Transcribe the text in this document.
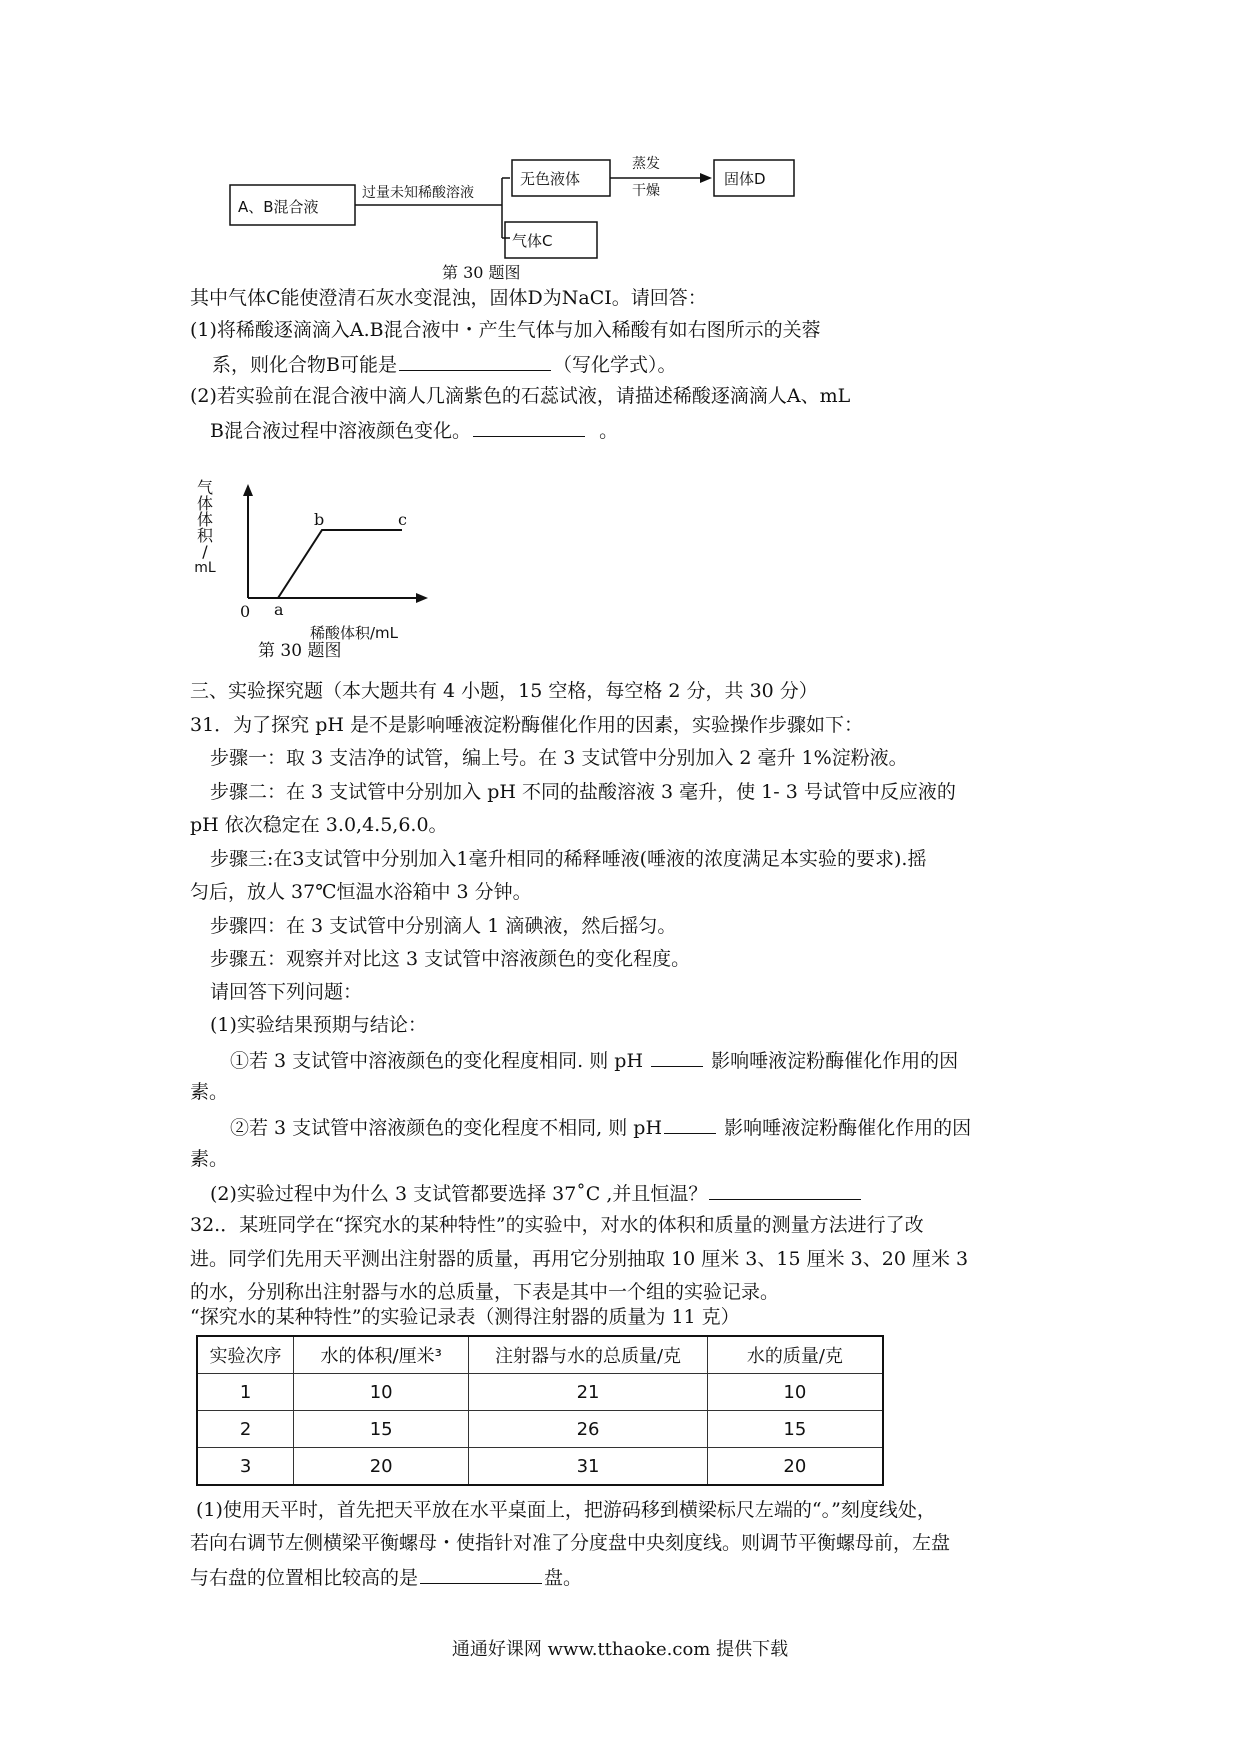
A、B混合液
过量未知稀酸溶液
无色液体
气体C
蒸发
干燥
固体D
第 30 题图
其中气体C能使澄清石灰水变混浊，固体D为NaCI。请回答：
(1)将稀酸逐滴滴入A.B混合液中・产生气体与加入稀酸有如右图所示的关蓉
系，则化合物B可能是	（写化学式）。
(2)若实验前在混合液中滴人几滴紫色的石蕊试液，请描述稀酸逐滴滴人A、mL
B混合液过程中溶液颜色变化。	。
气
体
体
积
/
mL
0 a
b	c
稀酸体积/mL
第 30 题图
三、实验探究题（本大题共有 4 小题，15 空格，每空格 2 分，共 30 分）
31．为了探究 pH 是不是影响唾液淀粉酶催化作用的因素，实验操作步骤如下：
步骤一：取 3 支洁净的试管，编上号。在 3 支试管中分别加入 2 毫升 1%淀粉液。
步骤二：在 3 支试管中分别加入 pH 不同的盐酸溶液 3 毫升，使 1- 3 号试管中反应液的
pH 依次稳定在 3.0,4.5,6.0。
步骤三:在3支试管中分别加入1毫升相同的稀释唾液(唾液的浓度满足本实验的要求).摇
匀后，放人 37℃恒温水浴箱中 3 分钟。
步骤四：在 3 支试管中分别滴人 1 滴碘液，然后摇匀。
步骤五：观察并对比这 3 支试管中溶液颜色的变化程度。
请回答下列问题：
(1)实验结果预期与结论：
①若 3 支试管中溶液颜色的变化程度相同. 则 pH	影响唾液淀粉酶催化作用的因
素。
②若 3 支试管中溶液颜色的变化程度不相同, 则 pH	影响唾液淀粉酶催化作用的因
素。
(2)实验过程中为什么 3 支试管都要选择 37˚C ,并且恒温？
32.．某班同学在“探究水的某种特性”的实验中，对水的体积和质量的测量方法进行了改
进。同学们先用天平测出注射器的质量，再用它分别抽取 10 厘米 3、15 厘米 3、20 厘米 3
的水，分别称出注射器与水的总质量，下表是其中一个组的实验记录。
“探究水的某种特性”的实验记录表（测得注射器的质量为 11 克）
实验次序	水的体积/厘米³	注射器与水的总质量/克	水的质量/克
1	10	21	10
2	15	26	15
3	20	31	20
(1)使用天平时，首先把天平放在水平桌面上，把游码移到横梁标尺左端的“。”刻度线处，
若向右调节左侧横梁平衡螺母・使指针对准了分度盘中央刻度线。则调节平衡螺母前，左盘
与右盘的位置相比较高的是	盘。
通通好课网 www.tthaoke.com 提供下载
